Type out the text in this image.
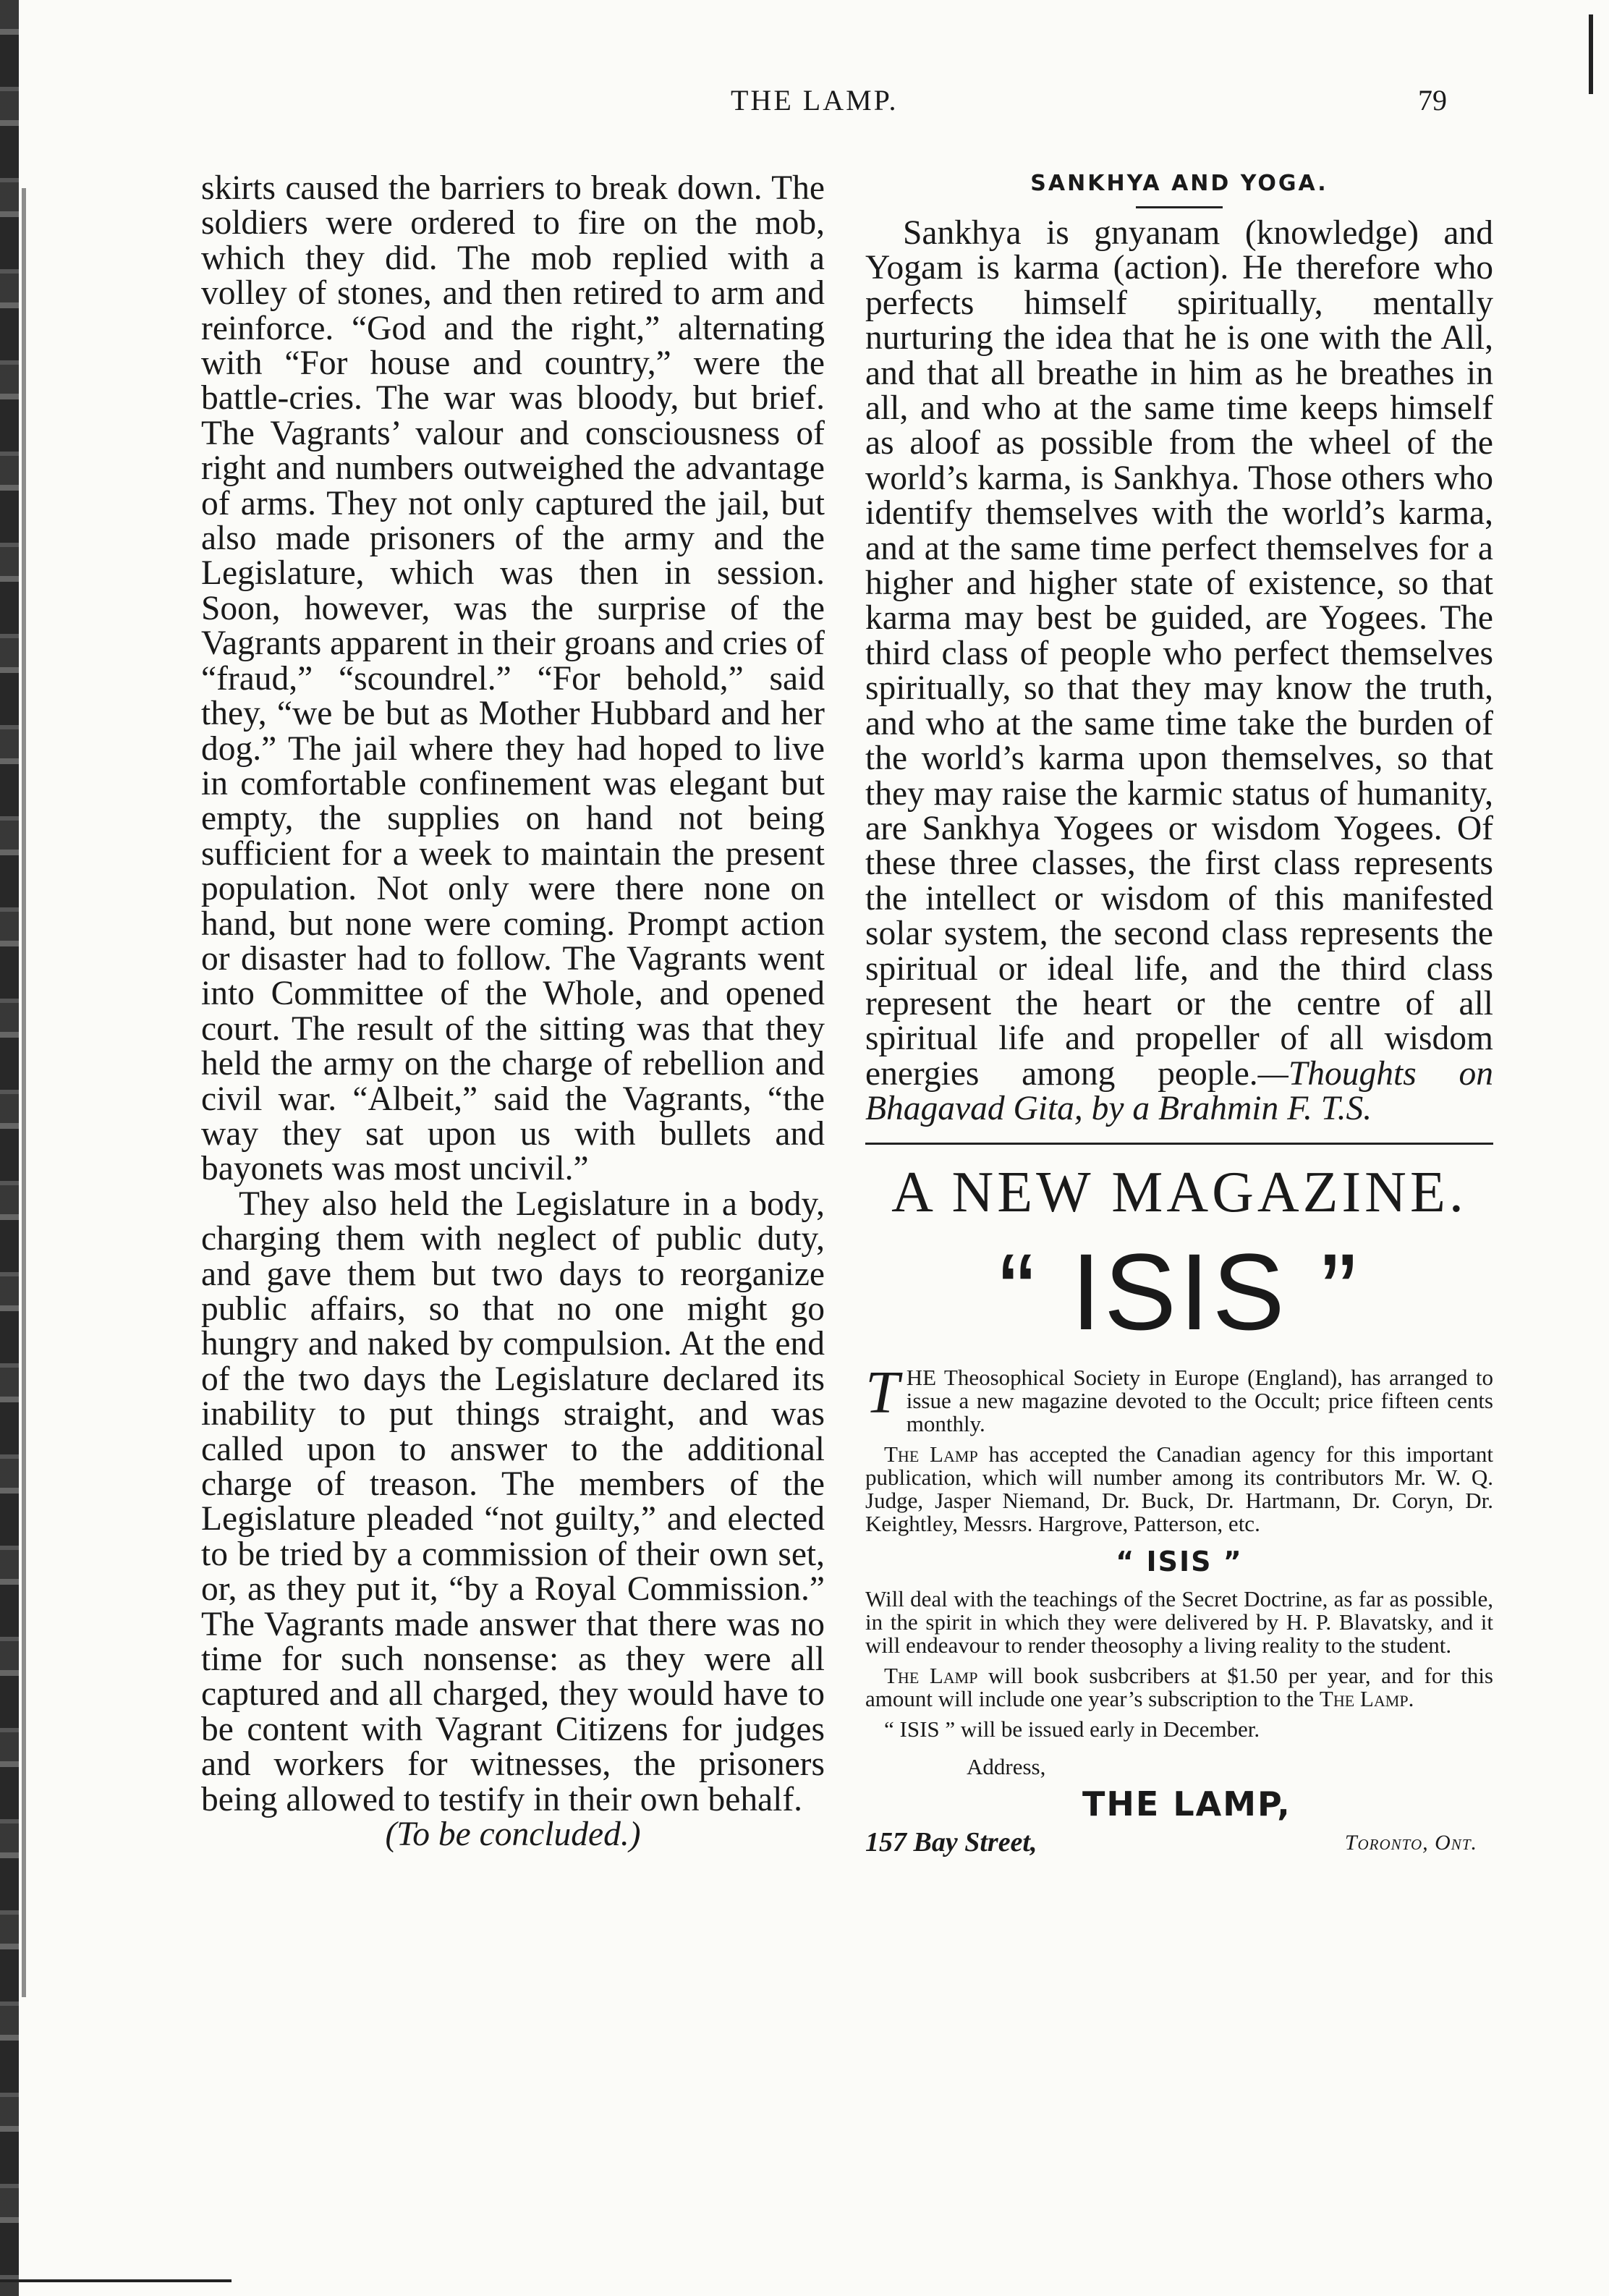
THE LAMP.	79

skirts caused the barriers to break down. The soldiers were ordered to fire on the mob, which they did. The mob replied with a volley of stones, and then retired to arm and reinforce. “God and the right,” alternating with “For house and country,” were the battle-cries. The war was bloody, but brief. The Vagrants’ valour and consciousness of right and numbers outweighed the advantage of arms. They not only captured the jail, but also made prisoners of the army and the Legislature, which was then in session. Soon, however, was the surprise of the Vagrants apparent in their groans and cries of “fraud,” “scoundrel.” “For behold,” said they, “we be but as Mother Hubbard and her dog.” The jail where they had hoped to live in comfortable confinement was elegant but empty, the supplies on hand not being sufficient for a week to maintain the present population. Not only were there none on hand, but none were coming. Prompt action or disaster had to follow. The Vagrants went into Committee of the Whole, and opened court. The result of the sitting was that they held the army on the charge of rebellion and civil war. “Albeit,” said the Vagrants, “the way they sat upon us with bullets and bayonets was most uncivil.”

They also held the Legislature in a body, charging them with neglect of public duty, and gave them but two days to reorganize public affairs, so that no one might go hungry and naked by compulsion. At the end of the two days the Legislature declared its inability to put things straight, and was called upon to answer to the additional charge of treason. The members of the Legislature pleaded “not guilty,” and elected to be tried by a commission of their own set, or, as they put it, “by a Royal Commission.” The Vagrants made answer that there was no time for such nonsense: as they were all captured and all charged, they would have to be content with Vagrant Citizens for judges and workers for witnesses, the prisoners being allowed to testify in their own behalf.

(To be concluded.)

SANKHYA AND YOGA.

Sankhya is gnyanam (knowledge) and Yogam is karma (action). He therefore who perfects himself spiritually, mentally nurturing the idea that he is one with the All, and that all breathe in him as he breathes in all, and who at the same time keeps himself as aloof as possible from the wheel of the world’s karma, is Sankhya. Those others who identify themselves with the world’s karma, and at the same time perfect themselves for a higher and higher state of existence, so that karma may best be guided, are Yogees. The third class of people who perfect themselves spiritually, so that they may know the truth, and who at the same time take the burden of the world’s karma upon themselves, so that they may raise the karmic status of humanity, are Sankhya Yogees or wisdom Yogees. Of these three classes, the first class represents the intellect or wisdom of this manifested solar system, the second class represents the spiritual or ideal life, and the third class represent the heart or the centre of all spiritual life and propeller of all wisdom energies among people.—Thoughts on Bhagavad Gita, by a Brahmin F. T.S.

A NEW MAGAZINE.

“ ISIS ”

THE Theosophical Society in Europe (England), has arranged to issue a new magazine devoted to the Occult; price fifteen cents monthly.

The Lamp has accepted the Canadian agency for this important publication, which will number among its contributors Mr. W. Q. Judge, Jasper Niemand, Dr. Buck, Dr. Hartmann, Dr. Coryn, Dr. Keightley, Messrs. Hargrove, Patterson, etc.

“ ISIS ”

Will deal with the teachings of the Secret Doctrine, as far as possible, in the spirit in which they were delivered by H. P. Blavatsky, and it will endeavour to render theosophy a living reality to the student.

The Lamp will book susbcribers at $1.50 per year, and for this amount will include one year’s subscription to the The Lamp.

“ ISIS ” will be issued early in December.

Address,

THE LAMP,

157 Bay Street,	Toronto, Ont.
